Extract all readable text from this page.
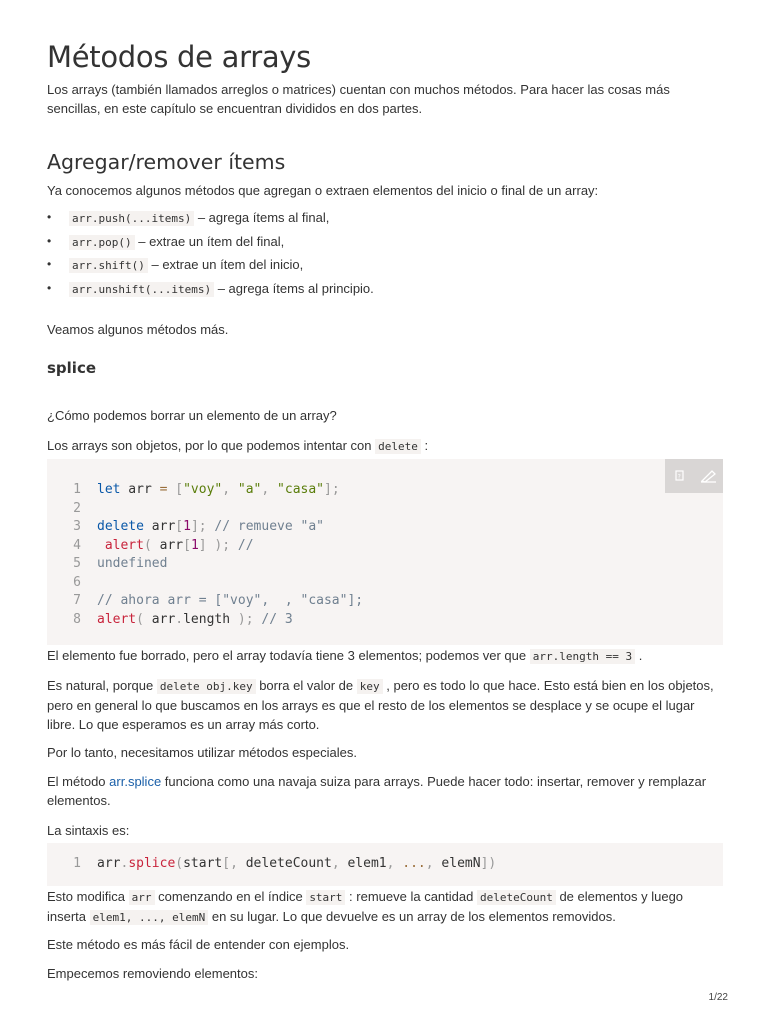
Métodos de arrays

Los arrays (también llamados arreglos o matrices) cuentan con muchos métodos. Para hacer las cosas más sencillas, en este capítulo se encuentran divididos en dos partes.

Agregar/remover ítems

Ya conocemos algunos métodos que agregan o extraen elementos del inicio o final de un array:

• arr.push(...items) – agrega ítems al final,
• arr.pop() – extrae un ítem del final,
• arr.shift() – extrae un ítem del inicio,
• arr.unshift(...items) – agrega ítems al principio.

Veamos algunos métodos más.

splice

¿Cómo podemos borrar un elemento de un array?

Los arrays son objetos, por lo que podemos intentar con delete :

?
1 let arr = ["voy", "a", "casa"];
2
3 delete arr[1]; // remueve "a"
4	alert( arr[1] ); //
5 undefined
6
7 // ahora arr = ["voy",  , "casa"];
8 alert( arr.length ); // 3

El elemento fue borrado, pero el array todavía tiene 3 elementos; podemos ver que arr.length == 3 .

Es natural, porque delete obj.key borra el valor de key , pero es todo lo que hace. Esto está bien en los objetos, pero en general lo que buscamos en los arrays es que el resto de los elementos se desplace y se ocupe el lugar libre. Lo que esperamos es un array más corto.

Por lo tanto, necesitamos utilizar métodos especiales.

El método arr.splice funciona como una navaja suiza para arrays. Puede hacer todo: insertar, remover y remplazar elementos.

La sintaxis es:

1 arr.splice(start[, deleteCount, elem1, ..., elemN])

Esto modifica arr comenzando en el índice start : remueve la cantidad deleteCount de elementos y luego inserta elem1, ..., elemN en su lugar. Lo que devuelve es un array de los elementos removidos.

Este método es más fácil de entender con ejemplos.

Empecemos removiendo elementos:

1/22
